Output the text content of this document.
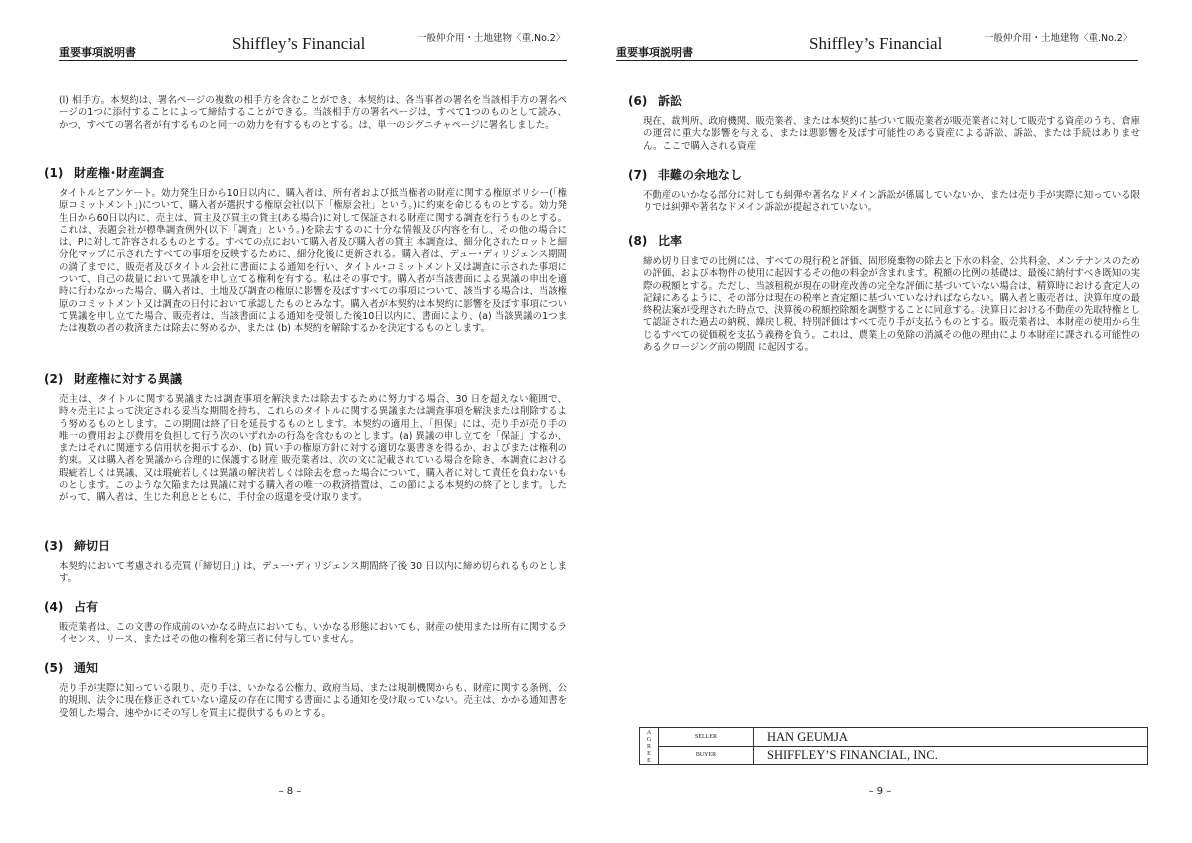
重要事項説明書	Shiffley’s Financial	一般仲介用・土地建物〈重.No.2〉

(l) 相手方。本契約は、署名ページの複数の相手方を含むことができ、本契約は、各当事者の署名を当該相手方の署名ページの1つに添付することによって締結することができる。当該相手方の署名ページは、すべて1つのものとして読み、かつ、すべての署名者が有するものと同一の効力を有するものとする。は、単一のシグニチャページに署名しました。

(1) 財産権･財産調査

タイトルとアンケート。効力発生日から10日以内に、購入者は、所有者および抵当権者の財産に関する権原ポリシー(「権原コミットメント」)について、購入者が選択する権原会社(以下「権原会社」という。)に約束を命じるものとする。効力発生日から60日以内に、売主は、買主及び買主の貸主(ある場合)に対して保証される財産に関する調査を行うものとする。これは、表題会社が標準調査例外(以下「調査」という。)を除去するのに十分な情報及び内容を有し、その他の場合には、Pに対して許容されるものとする。すべての点において購入者及び購入者の貸主 本調査は、細分化されたロットと細分化マップに示されたすべての事項を反映するために、細分化後に更新される。購入者は、デュー･ディリジェンス期間の満了までに、販売者及びタイトル会社に書面による通知を行い、タイトル･コミットメント又は調査に示された事項について、自己の裁量において異議を申し立てる権利を有する。私はその事です。購入者が当該書面による異議の申出を適時に行わなかった場合、購入者は、土地及び調査の権原に影響を及ぼすすべての事項について、該当する場合は、当該権原のコミットメント又は調査の日付において承認したものとみなす。購入者が本契約は本契約に影響を及ぼす事項について異議を申し立てた場合、販売者は、当該書面による通知を受領した後10日以内に、書面により、(a) 当該異議の1つまたは複数の者の救済または除去に努めるか、または (b) 本契約を解除するかを決定するものとします。

(2) 財産権に対する異議

売主は、タイトルに関する異議または調査事項を解決または除去するために努力する場合、30 日を超えない範囲で、時々売主によって決定される妥当な期間を持ち、これらのタイトルに関する異議または調査事項を解決または削除するよう努めるものとします。この期間は終了日を延長するものとします。本契約の適用上、「担保」には、売り手が売り手の唯一の費用および費用を負担して行う次のいずれかの行為を含むものとします。(a) 異議の申し立てを「保証」するか、またはそれに関連する信用状を掲示するか、(b) 買い手の権原方針に対する適切な裏書きを得るか、およびまたは権利の約束。又は購入者を異議から合理的に保護する財産 販売業者は、次の文に記載されている場合を除き、本調査における瑕疵若しくは異議、又は瑕疵若しくは異議の解決若しくは除去を怠った場合について、購入者に対して責任を負わないものとします。このような欠陥または異議に対する購入者の唯一の救済措置は、この節による本契約の終了とします。したがって、購入者は、生じた利息とともに、手付金の返還を受け取ります。

(3) 締切日

本契約において考慮される売買 (「締切日」) は、デュー･ディリジェンス期間終了後 30 日以内に締め切られるものとします。

(4) 占有

販売業者は、この文書の作成前のいかなる時点においても、いかなる形態においても、財産の使用または所有に関するライセンス、リース、またはその他の権利を第三者に付与していません。

(5) 通知

売り手が実際に知っている限り、売り手は、いかなる公権力、政府当局、または規制機関からも、財産に関する条例、公的規則、法令に現在修正されていない違反の存在に関する書面による通知を受け取っていない。売主は、かかる通知書を受領した場合、速やかにその写しを買主に提供するものとする。

– 8 –
重要事項説明書	Shiffley’s Financial	一般仲介用・土地建物〈重.No.2〉

(6) 訴訟

現在、裁判所、政府機関、販売業者、または本契約に基づいて販売業者が販売業者に対して販売する資産のうち、倉庫の運営に重大な影響を与える、または悪影響を及ぼす可能性のある資産による訴訟、訴訟、または手続はありません。ここで購入される資産

(7) 非難の余地なし

不動産のいかなる部分に対しても糾弾や著名なドメイン訴訟が係属していないか、または売り手が実際に知っている限りでは糾弾や著名なドメイン訴訟が提起されていない。

(8) 比率

締め切り日までの比例には、すべての現行税と評価、固形廃棄物の除去と下水の料金、公共料金、メンテナンスのための評価、および本物件の使用に起因するその他の料金が含まれます。税額の比例の基礎は、最後に納付すべき既知の実際の税額とする。ただし、当該租税が現在の財産改善の完全な評価に基づいていない場合は、精算時における査定人の記録にあるように、その部分は現在の税率と査定額に基づいていなければならない。購入者と販売者は、決算年度の最終税法案が受理された時点で、決算後の税額控除額を調整することに同意する。決算日における不動産の先取特権として認証された過去の納税、繰戻し税、特別評価はすべて売り手が支払うものとする。販売業者は、本財産の使用から生じるすべての従価税を支払う義務を負う。これは、農業上の免除の消滅その他の理由により本財産に課される可能性のあるクロージング前の期間 に起因する。

AGREE
SELLER	HAN GEUMJA
BUYER	SHIFFLEY’S FINANCIAL, INC.
– 9 –
